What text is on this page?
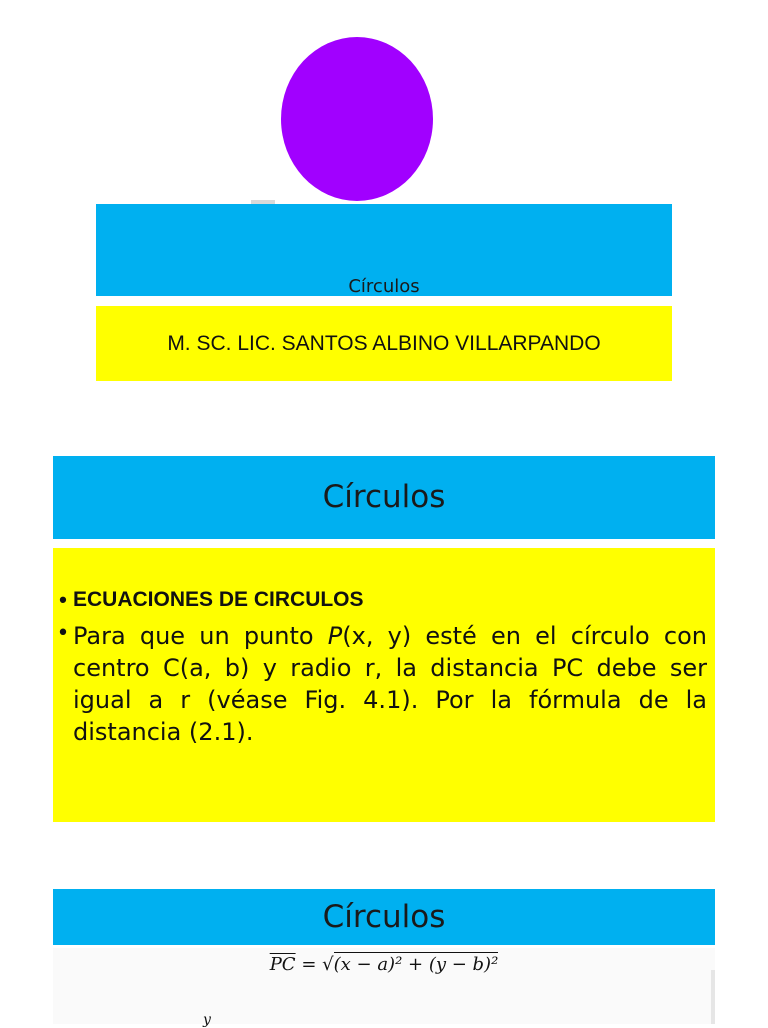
Círculos
M. SC. LIC. SANTOS ALBINO VILLARPANDO
Círculos
• ECUACIONES DE CIRCULOS
• Para que un punto P(x, y) esté en el círculo con centro C(a, b) y radio r, la distancia PC debe ser igual a r (véase Fig. 4.1). Por la fórmula de la distancia (2.1).
Círculos
$\overline{PC} = √(x - a)^2 + (y - b)^2$
y
